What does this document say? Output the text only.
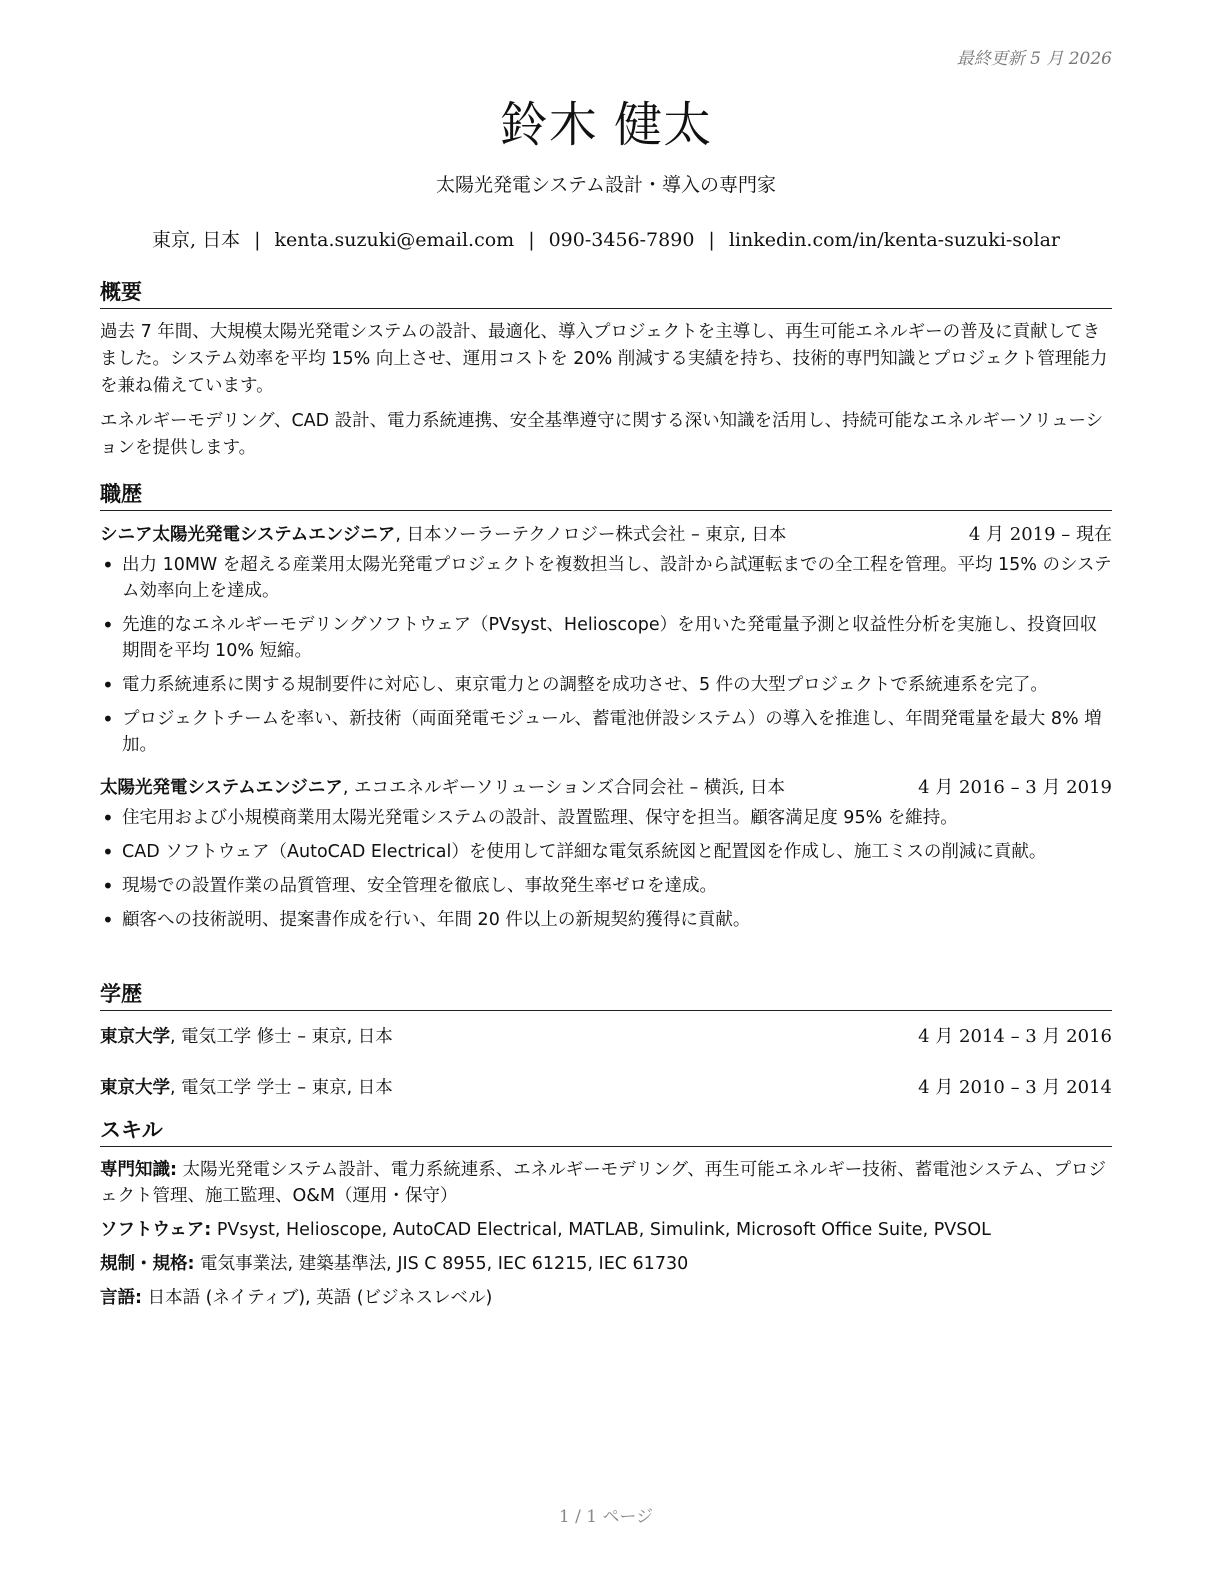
最終更新 5 月 2026
鈴木 健太
太陽光発電システム設計・導入の専門家
東京, 日本 | kenta.suzuki@email.com | 090-3456-7890 | linkedin.com/in/kenta-suzuki-solar
概要

過去 7 年間、大規模太陽光発電システムの設計、最適化、導入プロジェクトを主導し、再生可能エネルギーの普及に貢献してきました。システム効率を平均 15% 向上させ、運用コストを 20% 削減する実績を持ち、技術的専門知識とプロジェクト管理能力を兼ね備えています。

エネルギーモデリング、CAD 設計、電力系統連携、安全基準遵守に関する深い知識を活用し、持続可能なエネルギーソリューションを提供します。

職歴
シニア太陽光発電システムエンジニア, 日本ソーラーテクノロジー株式会社 – 東京, 日本	4 月 2019 – 現在
• 出力 10MW を超える産業用太陽光発電プロジェクトを複数担当し、設計から試運転までの全工程を管理。平均 15% のシステム効率向上を達成。
• 先進的なエネルギーモデリングソフトウェア（PVsyst、Helioscope）を用いた発電量予測と収益性分析を実施し、投資回収期間を平均 10% 短縮。
• 電力系統連系に関する規制要件に対応し、東京電力との調整を成功させ、5 件の大型プロジェクトで系統連系を完了。
• プロジェクトチームを率い、新技術（両面発電モジュール、蓄電池併設システム）の導入を推進し、年間発電量を最大 8% 増加。
太陽光発電システムエンジニア, エコエネルギーソリューションズ合同会社 – 横浜, 日本	4 月 2016 – 3 月 2019
• 住宅用および小規模商業用太陽光発電システムの設計、設置監理、保守を担当。顧客満足度 95% を維持。
• CAD ソフトウェア（AutoCAD Electrical）を使用して詳細な電気系統図と配置図を作成し、施工ミスの削減に貢献。
• 現場での設置作業の品質管理、安全管理を徹底し、事故発生率ゼロを達成。
• 顧客への技術説明、提案書作成を行い、年間 20 件以上の新規契約獲得に貢献。
学歴
東京大学, 電気工学 修士 – 東京, 日本	4 月 2014 – 3 月 2016
東京大学, 電気工学 学士 – 東京, 日本	4 月 2010 – 3 月 2014
スキル
専門知識: 太陽光発電システム設計、電力系統連系、エネルギーモデリング、再生可能エネルギー技術、蓄電池システム、プロジェクト管理、施工監理、O&M（運用・保守）
ソフトウェア: PVsyst, Helioscope, AutoCAD Electrical, MATLAB, Simulink, Microsoft Office Suite, PVSOL
規制・規格: 電気事業法, 建築基準法, JIS C 8955, IEC 61215, IEC 61730
言語: 日本語 (ネイティブ), 英語 (ビジネスレベル)
1 / 1 ページ
